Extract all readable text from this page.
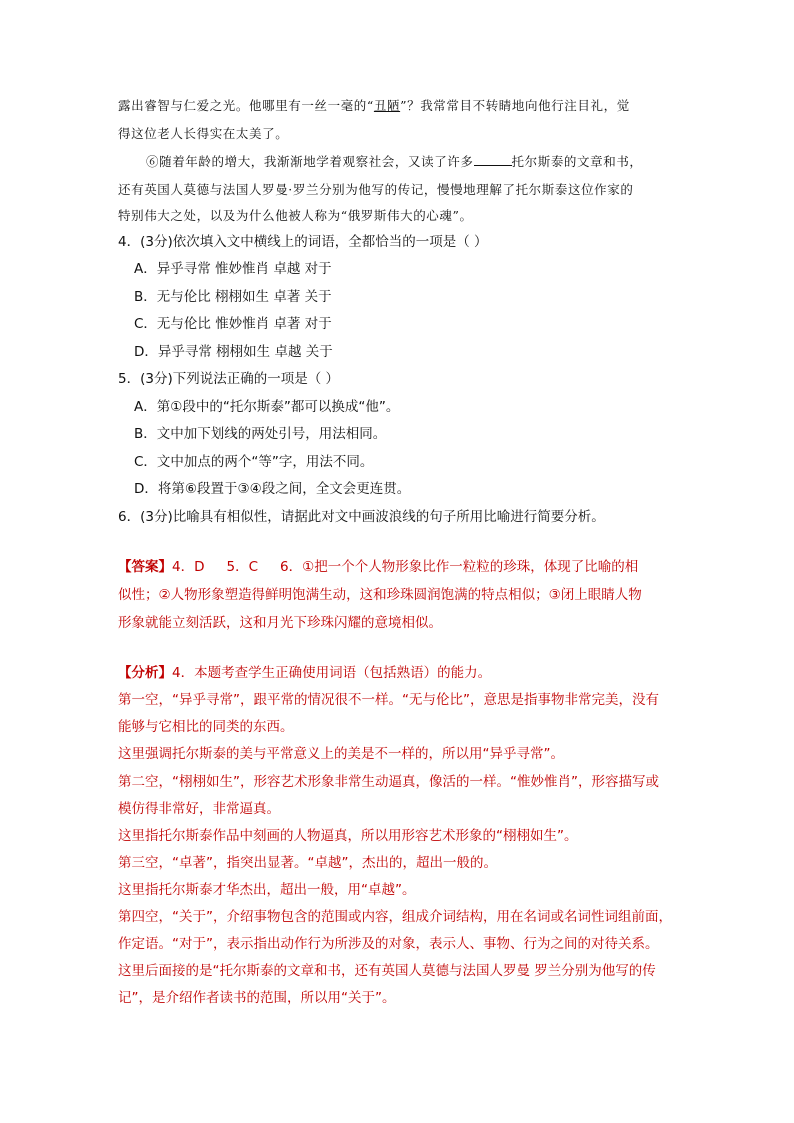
露出睿智与仁爱之光。他哪里有一丝一毫的“丑陋”？我常常目不转睛地向他行注目礼，觉
得这位老人长得实在太美了。
⑥随着年龄的增大，我渐渐地学着观察社会，又读了许多	托尔斯泰的文章和书，
还有英国人莫德与法国人罗曼·罗兰分别为他写的传记，慢慢地理解了托尔斯泰这位作家的
特别伟大之处，以及为什么他被人称为“俄罗斯伟大的心魂”。
4．(3分)依次填入文中横线上的词语，全都恰当的一项是（ ）
A．异乎寻常 惟妙惟肖 卓越 对于
B．无与伦比 栩栩如生 卓著 关于
C．无与伦比 惟妙惟肖 卓著 对于
D．异乎寻常 栩栩如生 卓越 关于
5．(3分)下列说法正确的一项是（ ）
A．第①段中的“托尔斯泰”都可以换成“他”。
B．文中加下划线的两处引号，用法相同。
C．文中加点的两个“等”字，用法不同。
D．将第⑥段置于③④段之间，全文会更连贯。
6．(3分)比喻具有相似性，请据此对文中画波浪线的句子所用比喻进行简要分析。
【答案】4．D 5．C 6．①把一个个人物形象比作一粒粒的珍珠，体现了比喻的相
似性；②人物形象塑造得鲜明饱满生动，这和珍珠圆润饱满的特点相似；③闭上眼睛人物
形象就能立刻活跃，这和月光下珍珠闪耀的意境相似。
【分析】4．本题考查学生正确使用词语（包括熟语）的能力。
第一空，“异乎寻常”，跟平常的情况很不一样。“无与伦比”，意思是指事物非常完美，没有
能够与它相比的同类的东西。
这里强调托尔斯泰的美与平常意义上的美是不一样的，所以用“异乎寻常”。
第二空，“栩栩如生”，形容艺术形象非常生动逼真，像活的一样。“惟妙惟肖”，形容描写或
模仿得非常好，非常逼真。
这里指托尔斯泰作品中刻画的人物逼真，所以用形容艺术形象的“栩栩如生”。
第三空，“卓著”，指突出显著。“卓越”，杰出的，超出一般的。
这里指托尔斯泰才华杰出，超出一般，用“卓越”。
第四空，“关于”，介绍事物包含的范围或内容，组成介词结构，用在名词或名词性词组前面，
作定语。“对于”，表示指出动作行为所涉及的对象，表示人、事物、行为之间的对待关系。
这里后面接的是“托尔斯泰的文章和书，还有英国人莫德与法国人罗曼 罗兰分别为他写的传
记”，是介绍作者读书的范围，所以用“关于”。
